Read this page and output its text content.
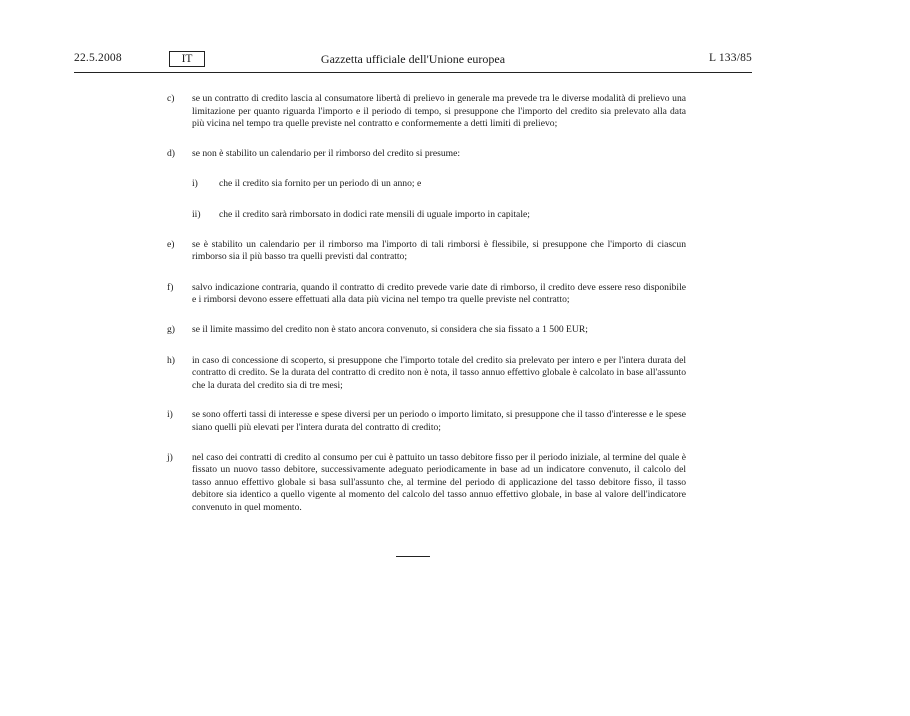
22.5.2008	IT	Gazzetta ufficiale dell'Unione europea	L 133/85
c) se un contratto di credito lascia al consumatore libertà di prelievo in generale ma prevede tra le diverse modalità di prelievo una limitazione per quanto riguarda l'importo e il periodo di tempo, si presuppone che l'importo del credito sia prelevato alla data più vicina nel tempo tra quelle previste nel contratto e conformemente a detti limiti di prelievo;
d) se non è stabilito un calendario per il rimborso del credito si presume:
i) che il credito sia fornito per un periodo di un anno; e
ii) che il credito sarà rimborsato in dodici rate mensili di uguale importo in capitale;
e) se è stabilito un calendario per il rimborso ma l'importo di tali rimborsi è flessibile, si presuppone che l'importo di ciascun rimborso sia il più basso tra quelli previsti dal contratto;
f) salvo indicazione contraria, quando il contratto di credito prevede varie date di rimborso, il credito deve essere reso disponibile e i rimborsi devono essere effettuati alla data più vicina nel tempo tra quelle previste nel contratto;
g) se il limite massimo del credito non è stato ancora convenuto, si considera che sia fissato a 1 500 EUR;
h) in caso di concessione di scoperto, si presuppone che l'importo totale del credito sia prelevato per intero e per l'intera durata del contratto di credito. Se la durata del contratto di credito non è nota, il tasso annuo effettivo globale è calcolato in base all'assunto che la durata del credito sia di tre mesi;
i) se sono offerti tassi di interesse e spese diversi per un periodo o importo limitato, si presuppone che il tasso d'interesse e le spese siano quelli più elevati per l'intera durata del contratto di credito;
j) nel caso dei contratti di credito al consumo per cui è pattuito un tasso debitore fisso per il periodo iniziale, al termine del quale è fissato un nuovo tasso debitore, successivamente adeguato periodicamente in base ad un indicatore convenuto, il calcolo del tasso annuo effettivo globale si basa sull'assunto che, al termine del periodo di applicazione del tasso debitore fisso, il tasso debitore sia identico a quello vigente al momento del calcolo del tasso annuo effettivo globale, in base al valore dell'indicatore convenuto in quel momento.
